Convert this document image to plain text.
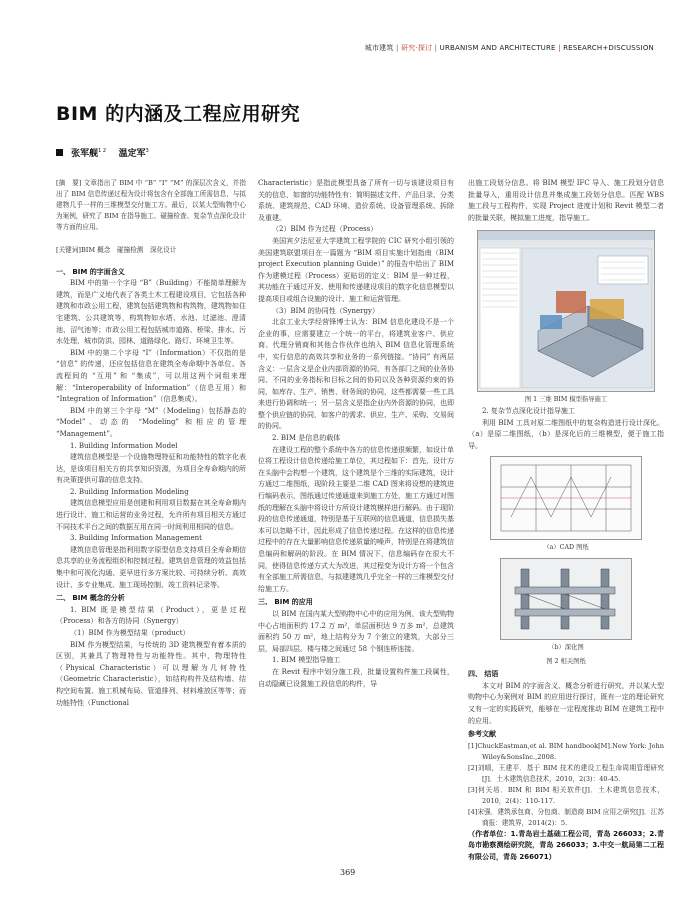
城市建筑 | 研究·探讨 | URBANISM AND ARCHITECTURE | RESEARCH+DISCUSSION
BIM 的内涵及工程应用研究
张军舰$^{1 2}$ 温定军$^3$

[摘　要] 文章指出了 BIM 中 “B” “I” “M” 的深层次含义，并指出了 BIM 信息传递过程为设计将包含有全部施工所需信息，与拟建物几乎一样的三维模型交付施工方。最后，以某大型购物中心为案例，研究了 BIM 在指导施工、碰撞检查、复杂节点深化设计等方面的应用。

[关键词]BIM 概念　碰撞检测　深化设计

一、 BIM 的字面含义

BIM 中的第一个字母 “B”（Building）不能简单理解为建筑，而是广义地代表了各类土木工程建设项目，它包括各种建筑和市政公用工程，建筑包括建筑物和构筑物，建筑物如住宅建筑、公共建筑等，构筑物如水塔、水池、过滤池、澄清池、沼气池等；市政公用工程包括城市道路、桥梁、排水、污水处理、城市防洪、园林、道路绿化、路灯、环境卫生等。

BIM 中的第二个字母 “I”（Information）不仅指的是 “信息” 的传递，还应包括信息在建筑全寿命期中各单位、各流程间的 “互用” 和 “集成”，可以用这两个词组来理解：“Interoperability of Information”（信息互用）和 “Integration of Information”（信息集成）。

BIM 中的第三个字母 “M”（Modeling）包括静态的 “Model”、动态的 “Modeling” 和相应的管理 “Management”。

1. Building Information Model

建筑信息模型是一个设施物理特征和功能特性的数字化表达，是该项目相关方的共享知识资源，为项目全寿命期内的所有决策提供可靠的信息支持。

2. Building Information Modeling

建筑信息模型应用是创建和利用项目数据在其全寿命期内进行设计、施工和运营的业务过程，允许所有项目相关方通过不同技术平台之间的数据互用在同一时间利用相同的信息。

3. Building Information Management

建筑信息管理是指利用数字原型信息支持项目全寿命期信息共享的业务流程组织和控制过程。建筑信息管理的效益包括集中和可视化沟通、更早进行多方案比较、可持续分析、高效设计、多专业集成、施工现场控制、竣工资料记录等。

二、 BIM 概念的分析

1. BIM 既是模型结果（Product），更是过程（Process）和各方的协同（Synergy）

（1）BIM 作为模型结果（product）

BIM 作为模型结果，与传统的 3D 建筑模型有着本质的区别，其兼具了物理特性与功能特性。其中，物理特性（Physical Characteristic）可以理解为几何特性（Geometric Characteristic），如结构构件及结构墙、结构空间布置、施工机械布局、管道排列、材料堆放区等等；而功能特性（Functional

Characteristic）是指此模型具备了所有一切与该建设项目有关的信息，如窗的功能特性有：简明描述文件、产品目录、分类系统、建筑规范、CAD 环境、造价系统、设备管理系统、拆除及重建。

（2）BIM 作为过程（Process）

美国宾夕法尼亚大学建筑工程学院的 CIC 研究小组引领的美国建筑联盟项目在一篇题为 “BIM 项目实施计划指南（BIM project Execution planning Guide）” 的报告中给出了 BIM 作为建模过程（Process）更贴切的定义：BIM 是一种过程，其功能在于通过开发、使用和传递建设项目的数字化信息模型以提高项目或组合设施的设计、施工和运营管理。

（3）BIM 的协同性（Synergy）

北京工业大学经营锋博士认为：BIM 信息化建设不是一个企业的事，应需要建立一个统一的平台，将建筑业客户、供应商、代理分销商和其他合作伙伴也纳入 BIM 信息化管理系统中，实行信息的高效共享和业务的一系列链接。“协同” 有两层含义：一层含义是企业内部资源的协同，有各部门之间的业务协同、不同的业务指标和目标之间的协同以及各种资源约束的协同，如库存、生产、销售、财务间的协同，这些都需要一些工具来进行协调和统一；另一层含义是指企业内外资源的协同，也即整个供应链的协同，如客户的需求、供应、生产、采购、交易间的协同。

2. BIM 是信息的载体

在建设工程的整个系统中各方的信息传递很频繁，如设计单位将工程设计信息传递给施工单位，其过程如下：首先，设计方在头脑中会构想一个建筑，这个建筑是个三维的实际建筑，设计方通过二维图纸，现阶段主要是二维 CAD 图来将设想的建筑进行编码表示，图纸通过传递通道来到施工方处，施工方通过对图纸的理解在头脑中将设计方所设计建筑模样进行解码。由于现阶段的信息传递通道，特别是基于互联网的信息通道，信息损失基本可以忽略不计，因此形成了信息传递过程。在这样的信息传递过程中的存在大量影响信息传递质量的噪声，特别是在将建筑信息编码和解码的阶段。在 BIM 情况下，信息编码存在很大不同，使得信息传递方式大为改进，其过程变为设计方将一个包含有全部施工所需信息，与拟建建筑几乎完全一样的三维模型交付给施工方。

三、 BIM 的应用

以 BIM 在国内某大型购物中心中的应用为例，该大型购物中心占地面积约 17.2 万 m²，单层面积达 9 万多 m²，总建筑面积约 50 万 m²，地上结构分为 7 个独立的建筑，大部分三层，局部四层。楼与楼之间通过 58 个钢连桥连接。

1. BIM 模型指导施工

在 Revit 程序中划分施工段，批量设置构件施工段属性，自动隐藏已设置施工段信息的构件，导

出施工段划分信息。将 BIM 模型 IFC 导入、施工段划分信息批量导入，重用设计信息并集成施工段划分信息。匹配 WBS 施工段与工程构件，实现 Project 进度计划和 Revit 模型二者的批量关联，模拟施工进度，指导施工。

图 1 三维 BIM 模型指导施工

2. 复杂节点深化设计指导施工

利用 BIM 工具对原二维图纸中的复杂构造进行设计深化。（a）是原二维图纸，（b）是深化后的三维模型，便于施工指导。

（a）CAD 图纸
（b）深化图
图 2 相关图纸

四、 结语

本文对 BIM 的字面含义、概念分析进行研究，并以某大型购物中心为案例对 BIM 的应用进行探讨，既有一定的理论研究又有一定的实践研究，能够在一定程度推动 BIM 在建筑工程中的应用。

参考文献

[1]ChuckEastman,et al. BIM handbook[M].New York: John Wiley&SonsInc.,2008.

[2]刘晴，王建平．基于 BIM 技术的建设工程生命周期管理研究[J]．土木建筑信息技术，2010，2(3)：40-45.

[3]何关培．BIM 和 BIM 相关软件[J]．土木建筑信息技术，2010，2(4)：110-117.

[4]宋强．建筑承包商、分包商、制造商 BIM 应用之研究[J]．江苏商报：建筑界，2014(2)：5.

（作者单位：1.青岛岩土基础工程公司，青岛 266033；2.青岛市勘察测绘研究院，青岛 266033；3.中交一航局第二工程有限公司，青岛 266071）

369
